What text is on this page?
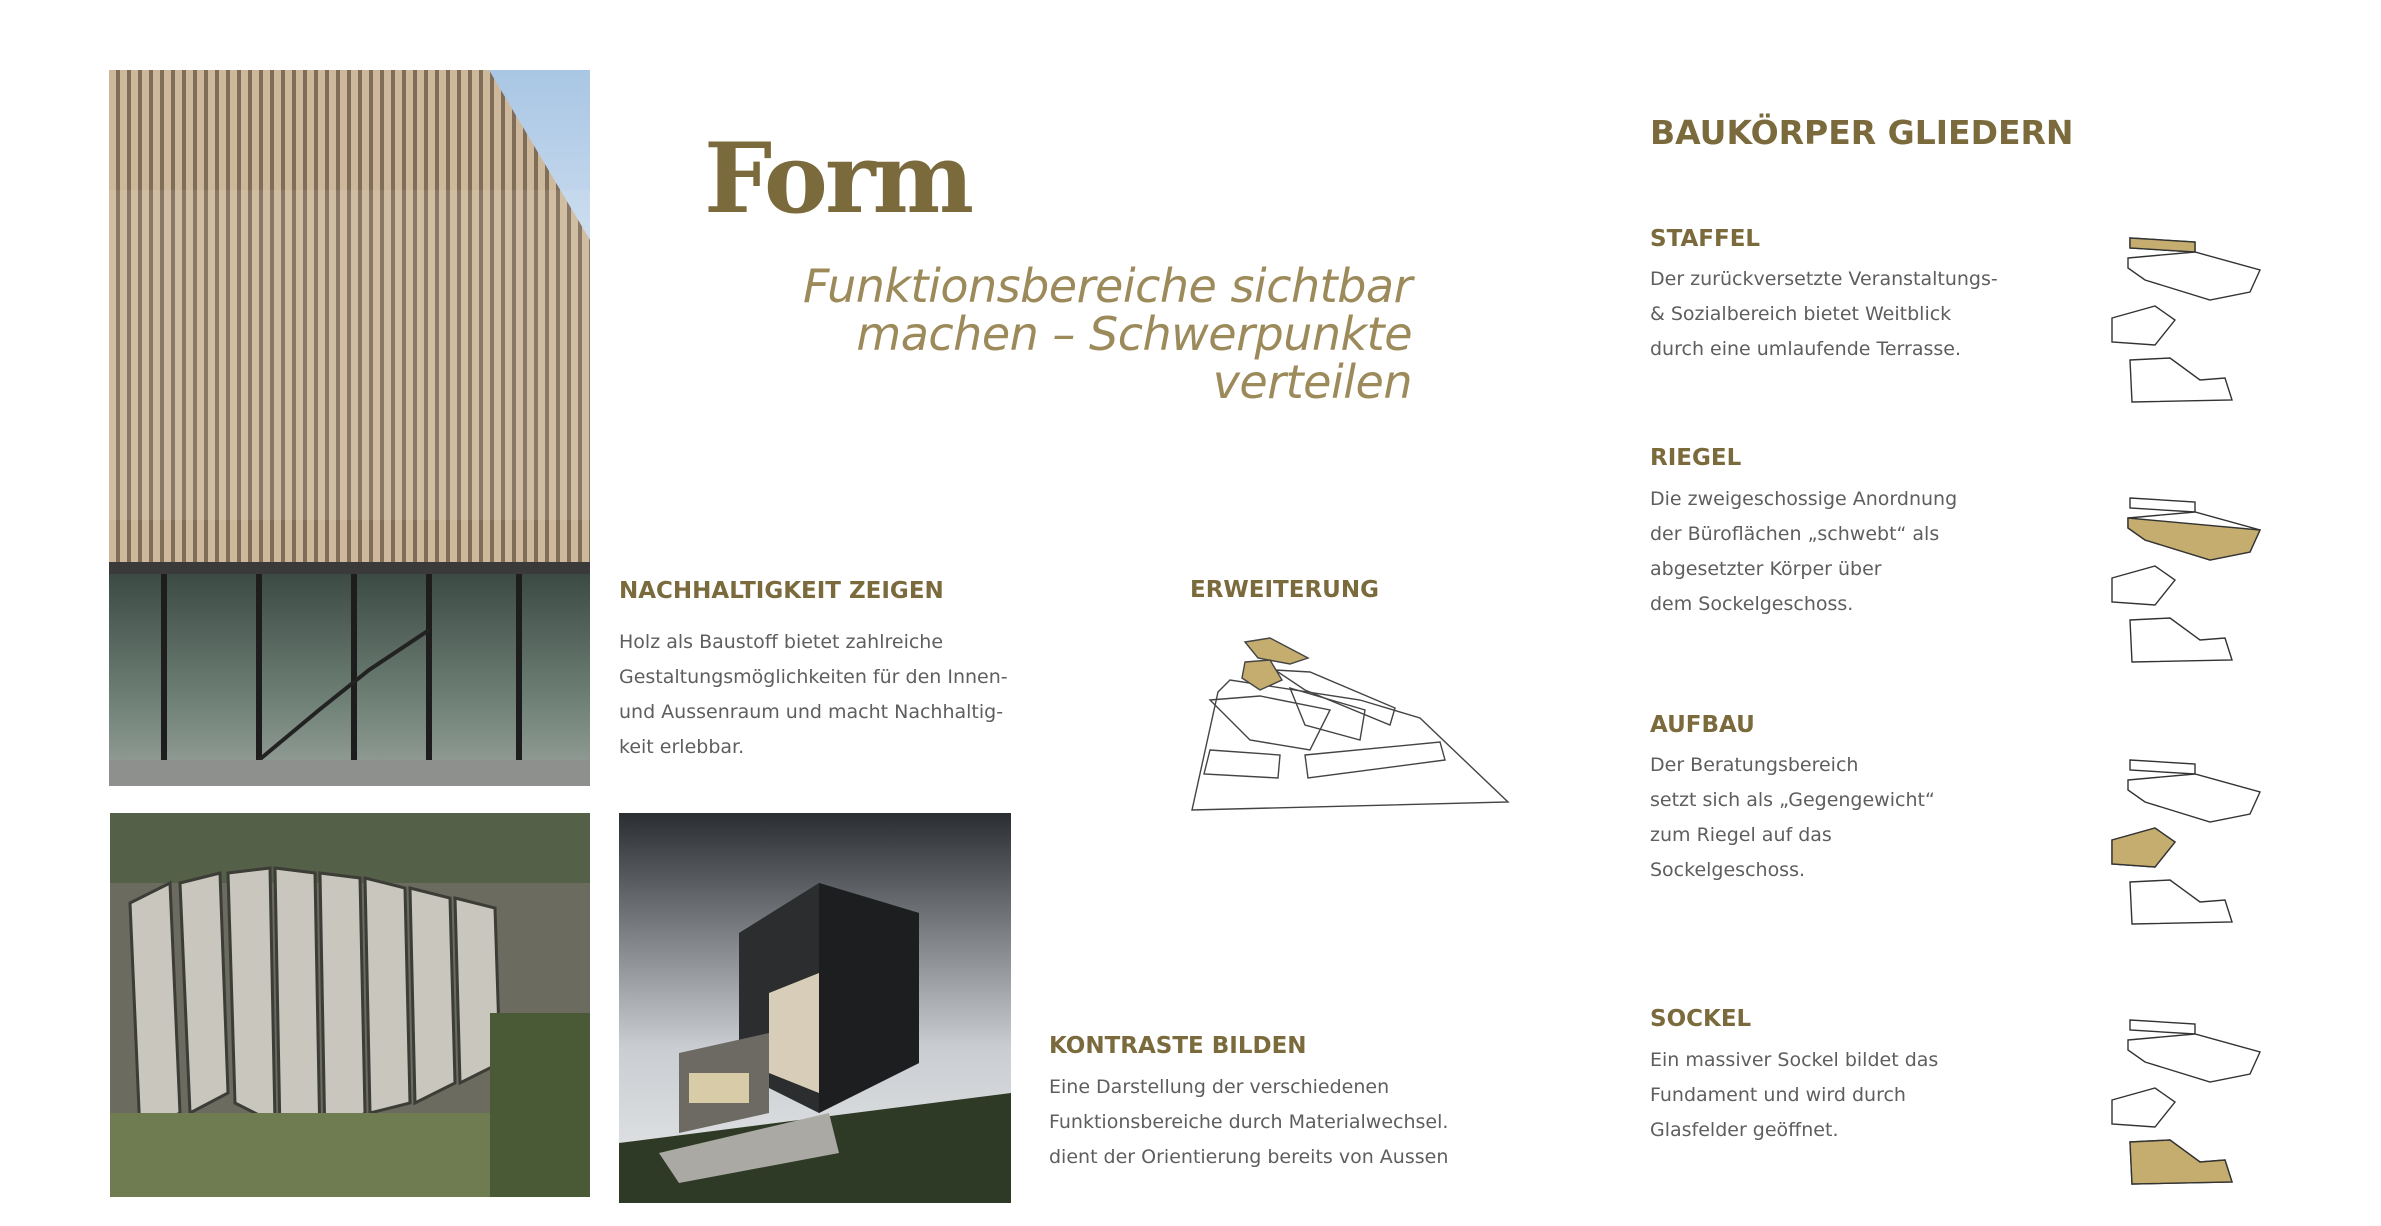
Form
Funktionsbereiche sichtbar
machen – Schwerpunkte
verteilen
NACHHALTIGKEIT ZEIGEN
Holz als Baustoff bietet zahlreiche
Gestaltungsmöglichkeiten für den Innen-
und Aussenraum und macht Nachhaltig-
keit erlebbar.
ERWEITERUNG
KONTRASTE BILDEN
Eine Darstellung der verschiedenen
Funktionsbereiche durch Materialwechsel.
dient der Orientierung bereits von Aussen
BAUKÖRPER GLIEDERN
STAFFEL
Der zurückversetzte Veranstaltungs-
& Sozialbereich bietet Weitblick
durch eine umlaufende Terrasse.
RIEGEL
Die zweigeschossige Anordnung
der Büroflächen „schwebt“ als
abgesetzter Körper über
dem Sockelgeschoss.
AUFBAU
Der Beratungsbereich
setzt sich als „Gegengewicht“
zum Riegel auf das
Sockelgeschoss.
SOCKEL
Ein massiver Sockel bildet das
Fundament und wird durch
Glasfelder geöffnet.
